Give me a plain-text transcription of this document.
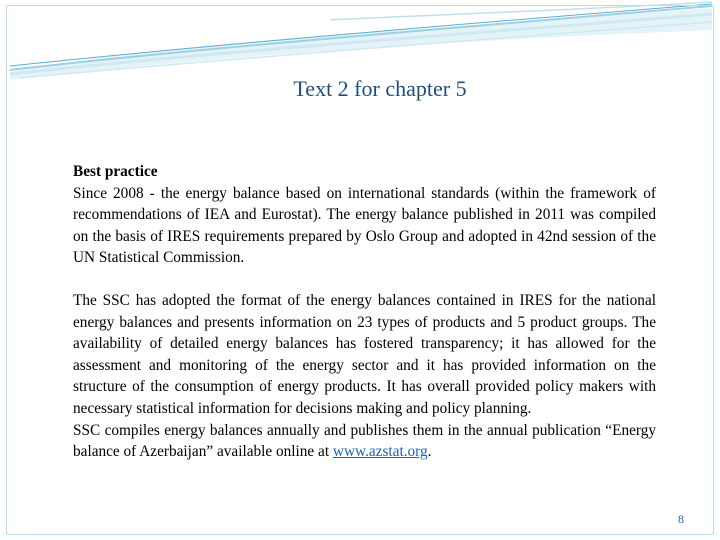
Text 2 for chapter 5

Best practice

Since 2008 - the energy balance based on international standards (within the framework of recommendations of IEA and Eurostat). The energy balance published in 2011 was compiled on the basis of IRES requirements prepared by Oslo Group and adopted in 42nd session of the UN Statistical Commission.

The SSC has adopted the format of the energy balances contained in IRES for the national energy balances and presents information on 23 types of products and 5 product groups. The availability of detailed energy balances has fostered transparency; it has allowed for the assessment and monitoring of the energy sector and it has provided information on the structure of the consumption of energy products. It has overall provided policy makers with necessary statistical information for decisions making and policy planning.

SSC compiles energy balances annually and publishes them in the annual publication “Energy balance of Azerbaijan” available online at www.azstat.org.

8
